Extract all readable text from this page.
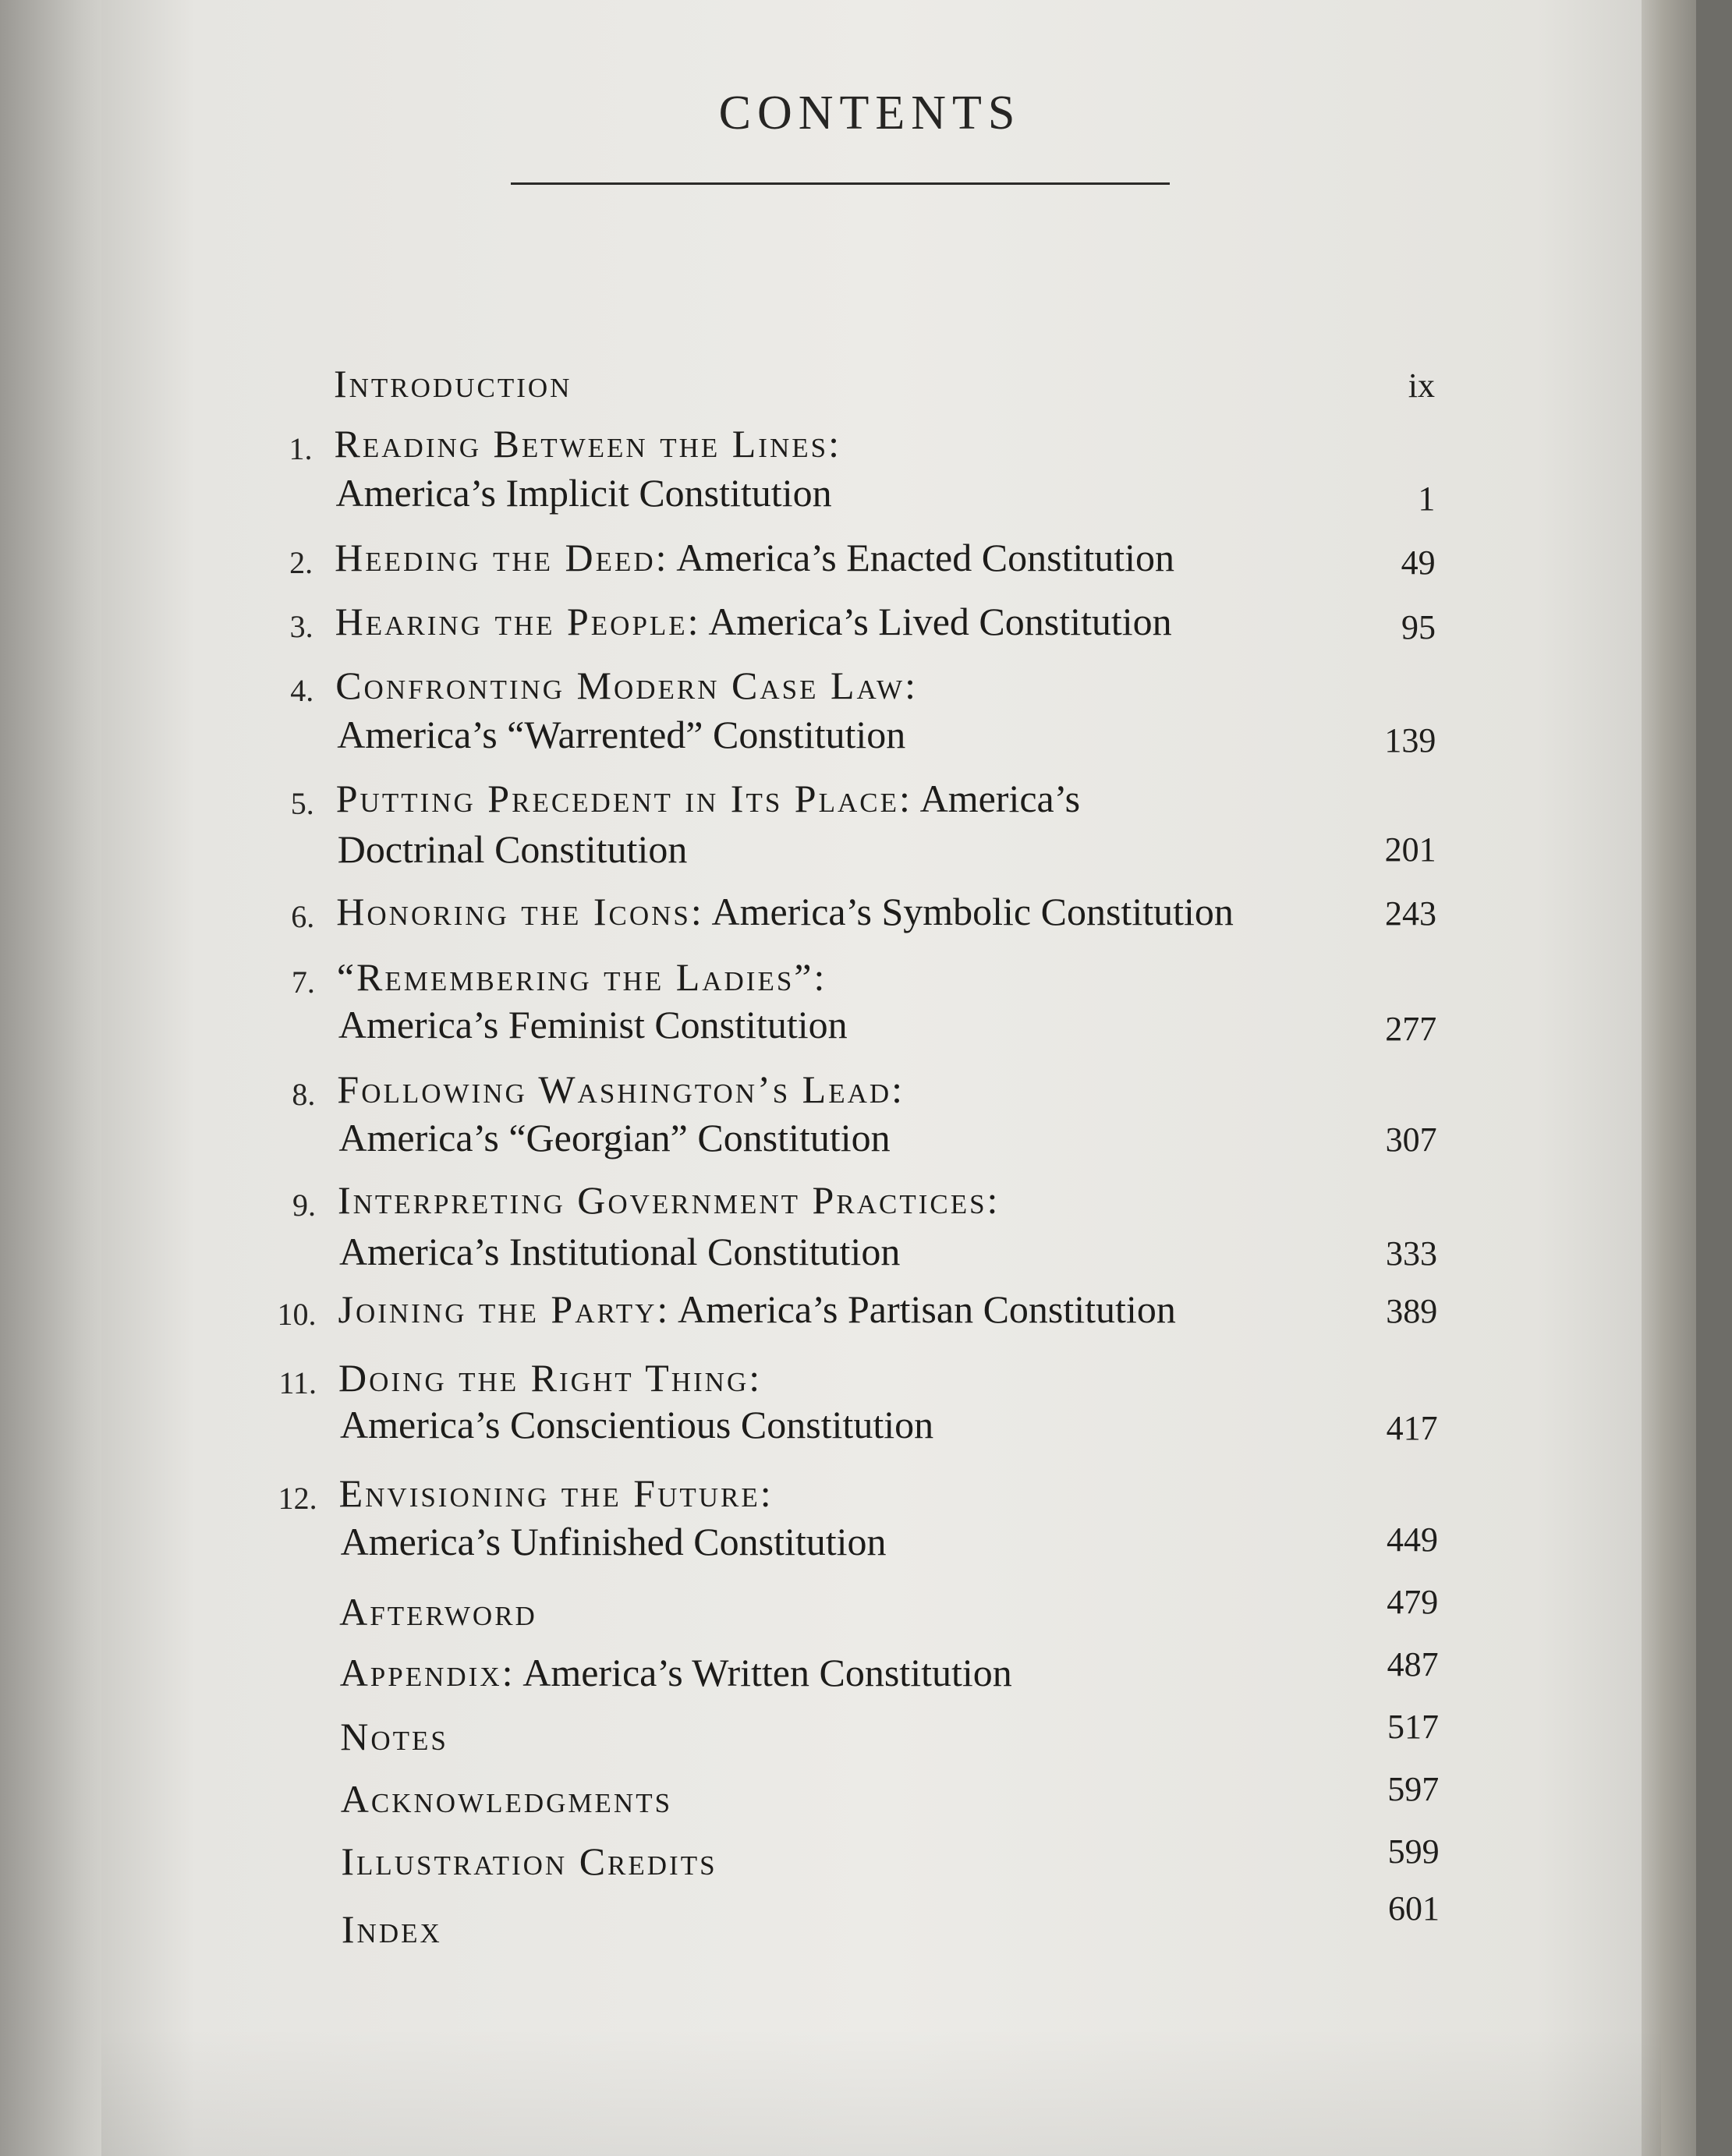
CONTENTS
Introduction	ix
1. Reading Between the Lines:
America’s Implicit Constitution	1
2. Heeding the Deed: America’s Enacted Constitution	49
3. Hearing the People: America’s Lived Constitution	95
4. Confronting Modern Case Law:
America’s “Warrented” Constitution	139
5. Putting Precedent in Its Place: America’s
Doctrinal Constitution	201
6. Honoring the Icons: America’s Symbolic Constitution	243
7. “Remembering the Ladies”:
America’s Feminist Constitution	277
8. Following Washington’s Lead:
America’s “Georgian” Constitution	307
9. Interpreting Government Practices:
America’s Institutional Constitution	333
10. Joining the Party: America’s Partisan Constitution	389
11. Doing the Right Thing:
America’s Conscientious Constitution	417
12. Envisioning the Future:
America’s Unfinished Constitution	449
Afterword	479
Appendix: America’s Written Constitution	487
Notes	517
Acknowledgments	597
Illustration Credits	599
Index	601
